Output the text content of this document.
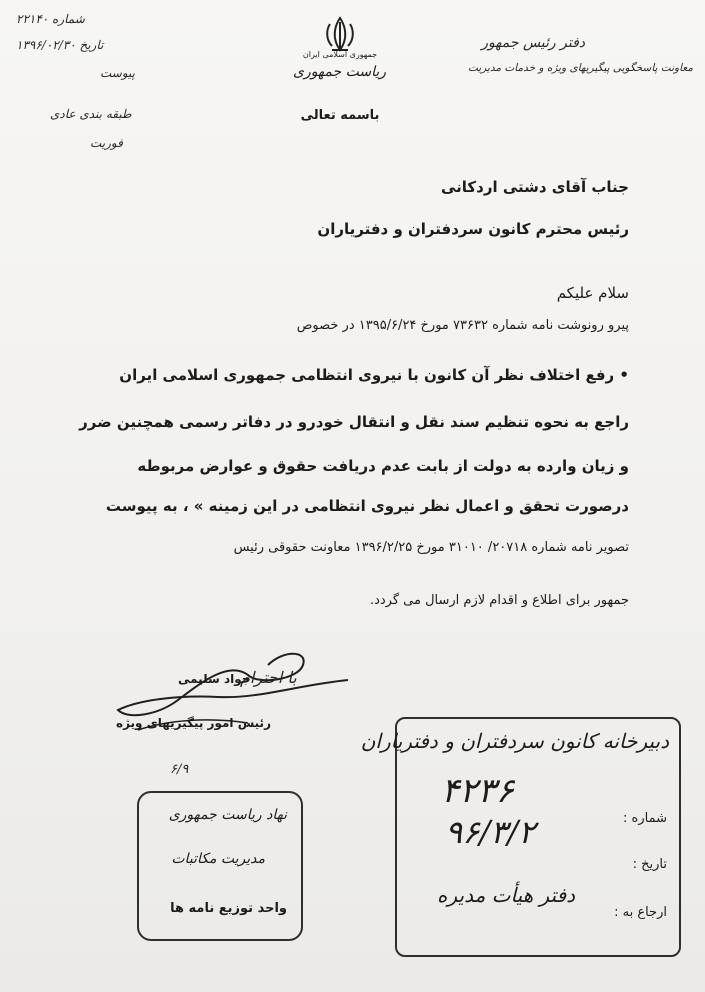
دفتر رئیس جمهور
معاونت پاسخگویی پیگیریهای ویژه و خدمات مدیریت
جمهوری اسلامی ایران
ریاست جمهوری
باسمه تعالی
شماره ۲۲۱۴۰
تاریخ ۱۳۹۶/۰۲/۳۰
پیوست
طبقه بندی عادی
فوریت
جناب آقای دشتی اردکانی
رئیس محترم کانون سردفتران و دفتریاران
سلام علیکم
پیرو رونوشت نامه شماره ۷۳۶۳۲ مورخ ۱۳۹۵/۶/۲۴ در خصوص
• رفع اختلاف نظر آن کانون با نیروی انتظامی جمهوری اسلامی ایران
راجع به نحوه تنظیم سند نقل و انتقال خودرو در دفاتر رسمی همچنین ضرر
و زیان وارده به دولت از بابت عدم دریافت حقوق و عوارض مربوطه
درصورت تحقق و اعمال نظر نیروی انتظامی در این زمینه » ، به پیوست
تصویر نامه شماره ۲۰۷۱۸/ ۳۱۰۱۰ مورخ ۱۳۹۶/۲/۲۵ معاونت حقوقی رئیس
جمهور برای اطلاع و اقدام لازم ارسال می گردد.
با احترام
جواد سلیمی
رئیس امور پیگیریهای ویژه
۶/۹
دبیرخانه کانون سردفتران و دفتریاران
شماره :
۴۲۳۶
۹۶/۳/۲
تاریخ :
ارجاع به :
دفتر هیأت مدیره
نهاد ریاست جمهوری
مدیریت مکاتبات
واحد توزیع نامه ها
